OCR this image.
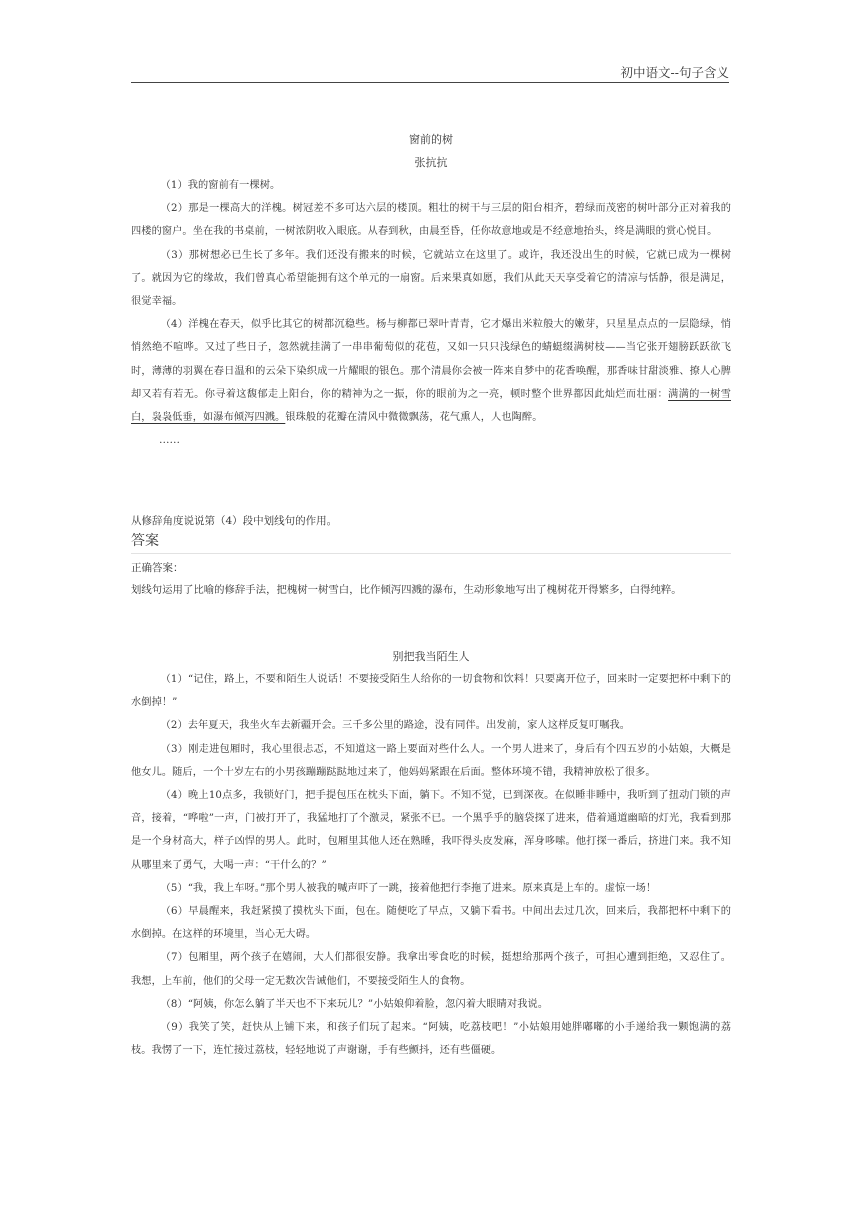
初中语文--句子含义
窗前的树
张抗抗

（1）我的窗前有一棵树。

（2）那是一棵高大的洋槐。树冠差不多可达六层的楼顶。粗壮的树干与三层的阳台相齐，碧绿而茂密的树叶部分正对着我的四楼的窗户。坐在我的书桌前，一树浓阴收入眼底。从春到秋，由晨至昏，任你故意地或是不经意地抬头，终是满眼的赏心悦目。

（3）那树想必已生长了多年。我们还没有搬来的时候，它就站立在这里了。或许，我还没出生的时候，它就已成为一棵树了。就因为它的缘故，我们曾真心希望能拥有这个单元的一扇窗。后来果真如愿，我们从此天天享受着它的清凉与恬静，很是满足，很觉幸福。

（4）洋槐在春天，似乎比其它的树都沉稳些。杨与柳都已翠叶青青，它才爆出米粒般大的嫩芽，只星星点点的一层隐绿，悄悄然绝不喧哗。又过了些日子，忽然就挂满了一串串葡萄似的花苞，又如一只只浅绿色的蜻蜓缀满树枝——当它张开翅膀跃跃欲飞时，薄薄的羽翼在春日温和的云朵下染织成一片耀眼的银色。那个清晨你会被一阵来自梦中的花香唤醒，那香味甘甜淡雅、撩人心脾却又若有若无。你寻着这馥郁走上阳台，你的精神为之一振，你的眼前为之一亮，顿时整个世界都因此灿烂而壮丽：满满的一树雪白，袅袅低垂，如瀑布倾泻四溅。银珠般的花瓣在清风中微微飘荡，花气熏人，人也陶醉。

……
从修辞角度说说第（4）段中划线句的作用。
答案
正确答案：
划线句运用了比喻的修辞手法，把槐树一树雪白，比作倾泻四溅的瀑布，生动形象地写出了槐树花开得繁多，白得纯粹。
别把我当陌生人

（1）“记住，路上，不要和陌生人说话！不要接受陌生人给你的一切食物和饮料！只要离开位子，回来时一定要把杯中剩下的水倒掉！”

（2）去年夏天，我坐火车去新疆开会。三千多公里的路途，没有同伴。出发前，家人这样反复叮嘱我。

（3）刚走进包厢时，我心里很忐忑，不知道这一路上要面对些什么人。一个男人进来了，身后有个四五岁的小姑娘，大概是他女儿。随后，一个十岁左右的小男孩蹦蹦跶跶地过来了，他妈妈紧跟在后面。整体环境不错，我精神放松了很多。

（4）晚上10点多，我锁好门，把手提包压在枕头下面，躺下。不知不觉，已到深夜。在似睡非睡中，我听到了扭动门锁的声音，接着，“哗啦”一声，门被打开了，我猛地打了个激灵，紧张不已。一个黑乎乎的脑袋探了进来，借着通道幽暗的灯光，我看到那是一个身材高大，样子凶悍的男人。此时，包厢里其他人还在熟睡，我吓得头皮发麻，浑身哆嗦。他打探一番后，挤进门来。我不知从哪里来了勇气，大喝一声：“干什么的？”

（5）“我，我上车呀。”那个男人被我的喊声吓了一跳，接着他把行李拖了进来。原来真是上车的。虚惊一场！

（6）早晨醒来，我赶紧摸了摸枕头下面，包在。随便吃了早点，又躺下看书。中间出去过几次，回来后，我都把杯中剩下的水倒掉。在这样的环境里，当心无大碍。

（7）包厢里，两个孩子在嬉闹，大人们都很安静。我拿出零食吃的时候，挺想给那两个孩子，可担心遭到拒绝，又忍住了。我想，上车前，他们的父母一定无数次告诫他们，不要接受陌生人的食物。

（8）“阿姨，你怎么躺了半天也不下来玩儿？”小姑娘仰着脸，忽闪着大眼睛对我说。

（9）我笑了笑，赶快从上铺下来，和孩子们玩了起来。“阿姨，吃荔枝吧！”小姑娘用她胖嘟嘟的小手递给我一颗饱满的荔枝。我愣了一下，连忙接过荔枝，轻轻地说了声谢谢，手有些颤抖，还有些僵硬。
